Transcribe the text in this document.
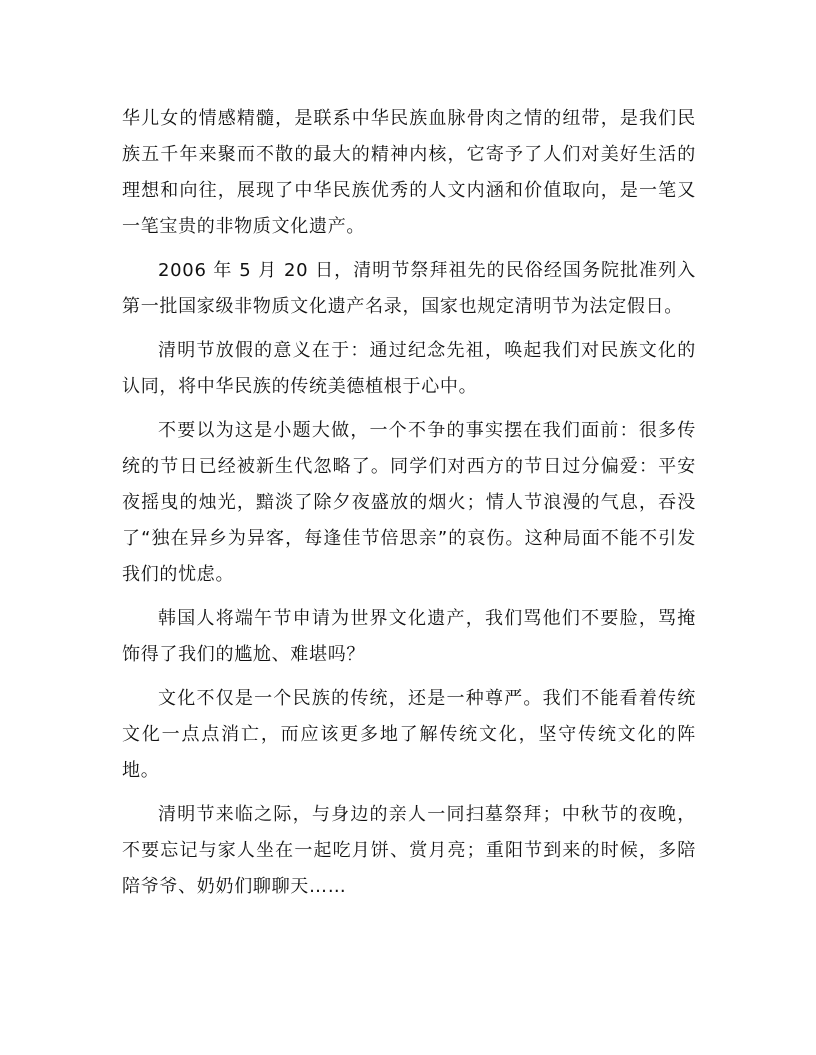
华儿女的情感精髓，是联系中华民族血脉骨肉之情的纽带，是我们民族五千年来聚而不散的最大的精神内核，它寄予了人们对美好生活的理想和向往，展现了中华民族优秀的人文内涵和价值取向，是一笔又一笔宝贵的非物质文化遗产。

2006 年 5 月 20 日，清明节祭拜祖先的民俗经国务院批准列入第一批国家级非物质文化遗产名录，国家也规定清明节为法定假日。

清明节放假的意义在于：通过纪念先祖，唤起我们对民族文化的认同，将中华民族的传统美德植根于心中。

不要以为这是小题大做，一个不争的事实摆在我们面前：很多传统的节日已经被新生代忽略了。同学们对西方的节日过分偏爱：平安夜摇曳的烛光，黯淡了除夕夜盛放的烟火；情人节浪漫的气息，吞没了“独在异乡为异客，每逢佳节倍思亲”的哀伤。这种局面不能不引发我们的忧虑。

韩国人将端午节申请为世界文化遗产，我们骂他们不要脸，骂掩饰得了我们的尴尬、难堪吗？

文化不仅是一个民族的传统，还是一种尊严。我们不能看着传统文化一点点消亡，而应该更多地了解传统文化，坚守传统文化的阵地。

清明节来临之际，与身边的亲人一同扫墓祭拜；中秋节的夜晚，不要忘记与家人坐在一起吃月饼、赏月亮；重阳节到来的时候，多陪陪爷爷、奶奶们聊聊天……
